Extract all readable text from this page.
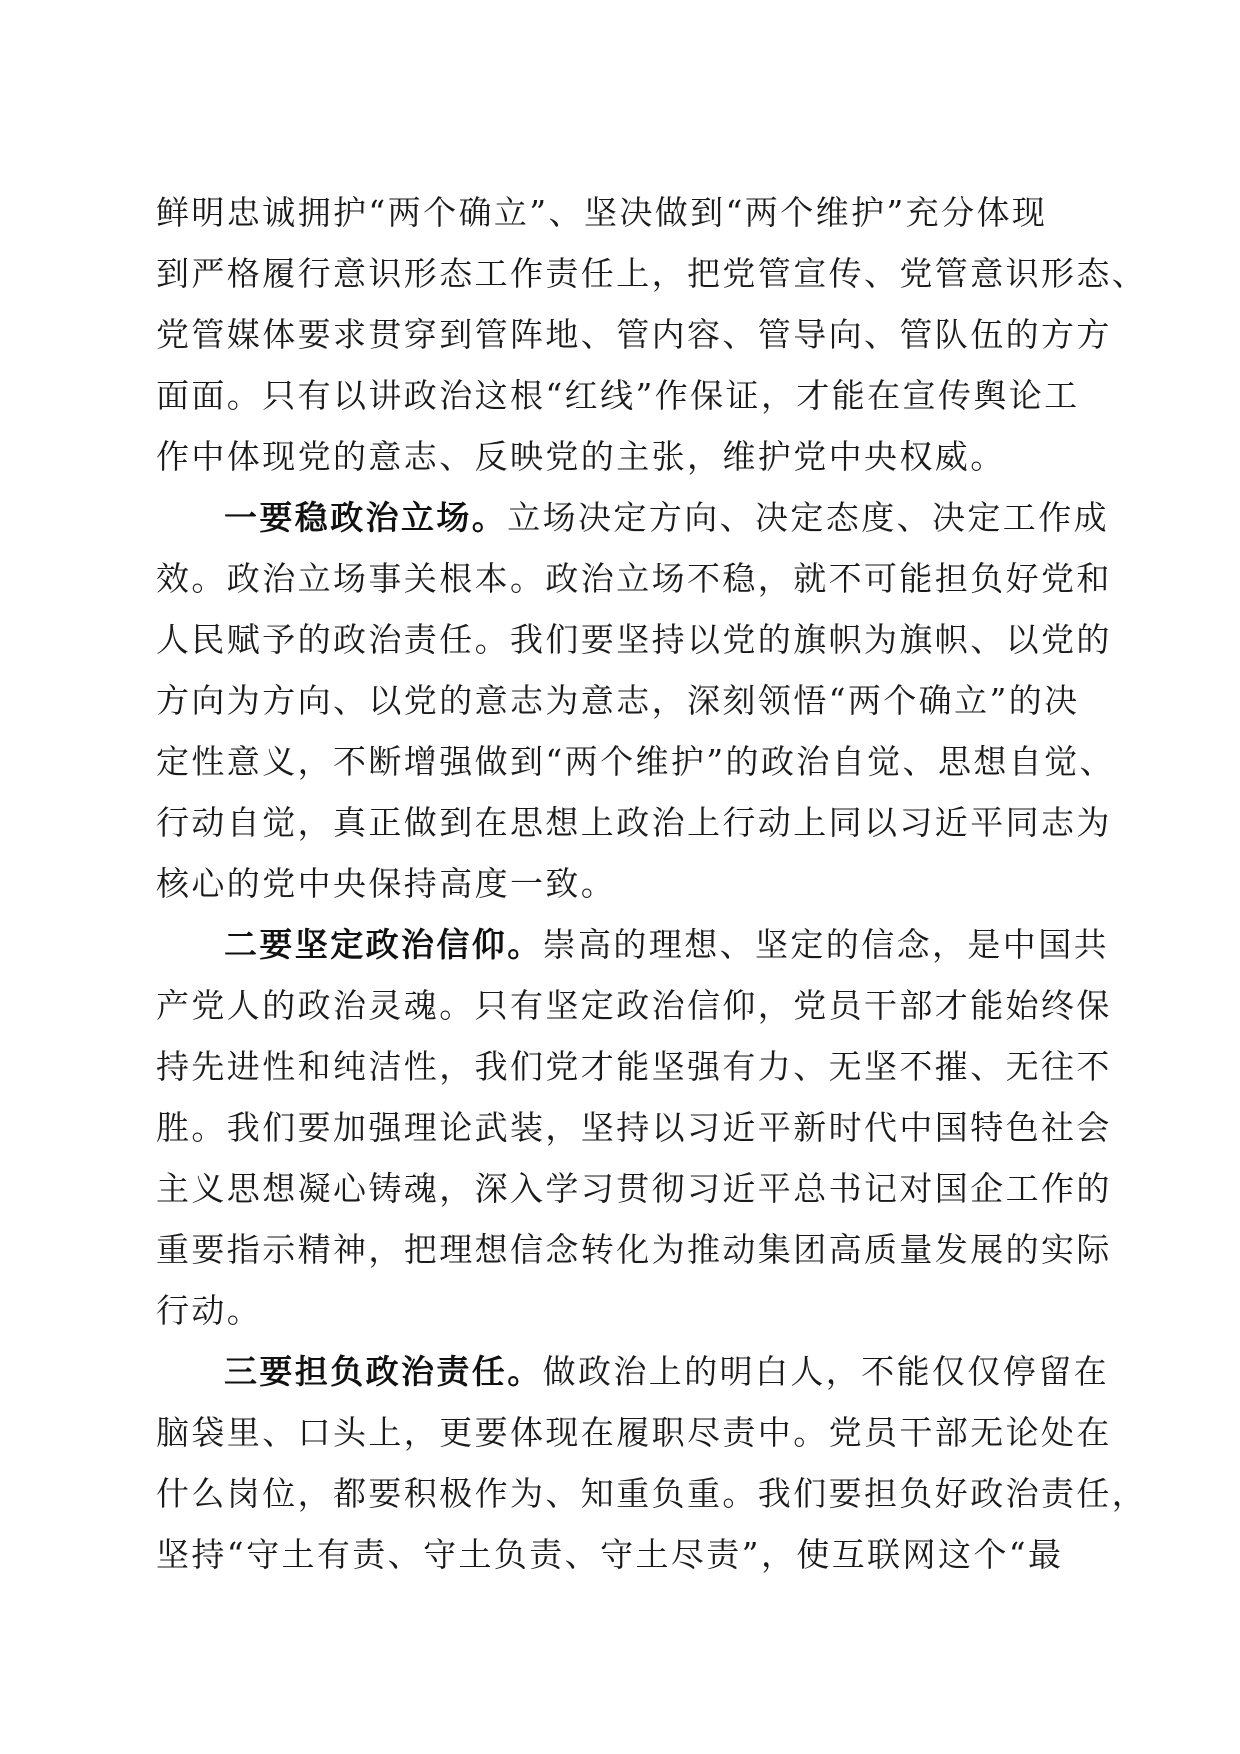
鲜明忠诚拥护“两个确立”、坚决做到“两个维护”充分体现
到严格履行意识形态工作责任上，把党管宣传、党管意识形态、
党管媒体要求贯穿到管阵地、管内容、管导向、管队伍的方方
面面。只有以讲政治这根“红线”作保证，才能在宣传舆论工
作中体现党的意志、反映党的主张，维护党中央权威。
一要稳政治立场。立场决定方向、决定态度、决定工作成
效。政治立场事关根本。政治立场不稳，就不可能担负好党和
人民赋予的政治责任。我们要坚持以党的旗帜为旗帜、以党的
方向为方向、以党的意志为意志，深刻领悟“两个确立”的决
定性意义，不断增强做到“两个维护”的政治自觉、思想自觉、
行动自觉，真正做到在思想上政治上行动上同以习近平同志为
核心的党中央保持高度一致。
二要坚定政治信仰。崇高的理想、坚定的信念，是中国共
产党人的政治灵魂。只有坚定政治信仰，党员干部才能始终保
持先进性和纯洁性，我们党才能坚强有力、无坚不摧、无往不
胜。我们要加强理论武装，坚持以习近平新时代中国特色社会
主义思想凝心铸魂，深入学习贯彻习近平总书记对国企工作的
重要指示精神，把理想信念转化为推动集团高质量发展的实际
行动。
三要担负政治责任。做政治上的明白人，不能仅仅停留在
脑袋里、口头上，更要体现在履职尽责中。党员干部无论处在
什么岗位，都要积极作为、知重负重。我们要担负好政治责任，
坚持“守土有责、守土负责、守土尽责”，使互联网这个“最
